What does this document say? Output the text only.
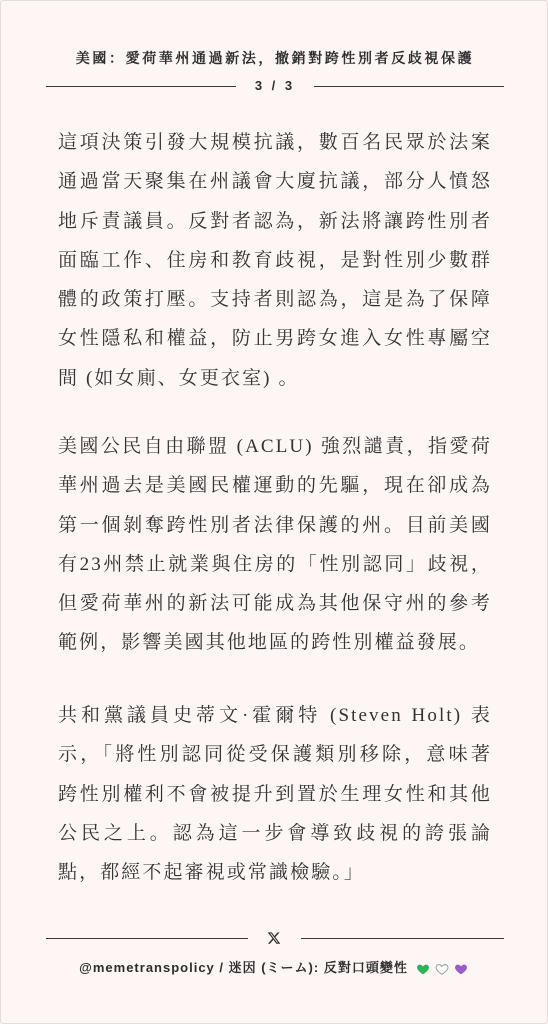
美國：愛荷華州通過新法，撤銷對跨性別者反歧視保護
3 / 3
這項決策引發大規模抗議，數百名民眾於法案
通過當天聚集在州議會大廈抗議，部分人憤怒
地斥責議員。反對者認為，新法將讓跨性別者
面臨工作、住房和教育歧視，是對性別少數群
體的政策打壓。支持者則認為，這是為了保障
女性隱私和權益，防止男跨女進入女性專屬空
間 (如女廁、女更衣室) 。
美國公民自由聯盟 (ACLU) 強烈譴責，指愛荷
華州過去是美國民權運動的先驅，現在卻成為
第一個剝奪跨性別者法律保護的州。目前美國
有23州禁止就業與住房的「性別認同」歧視，
但愛荷華州的新法可能成為其他保守州的參考
範例，影響美國其他地區的跨性別權益發展。
共和黨議員史蒂文·霍爾特 (Steven Holt) 表
示，「將性別認同從受保護類別移除，意味著
跨性別權利不會被提升到置於生理女性和其他
公民之上。認為這一步會導致歧視的誇張論
點，都經不起審視或常識檢驗。」
@memetranspolicy / 迷因 (ミーム): 反對口頭變性
